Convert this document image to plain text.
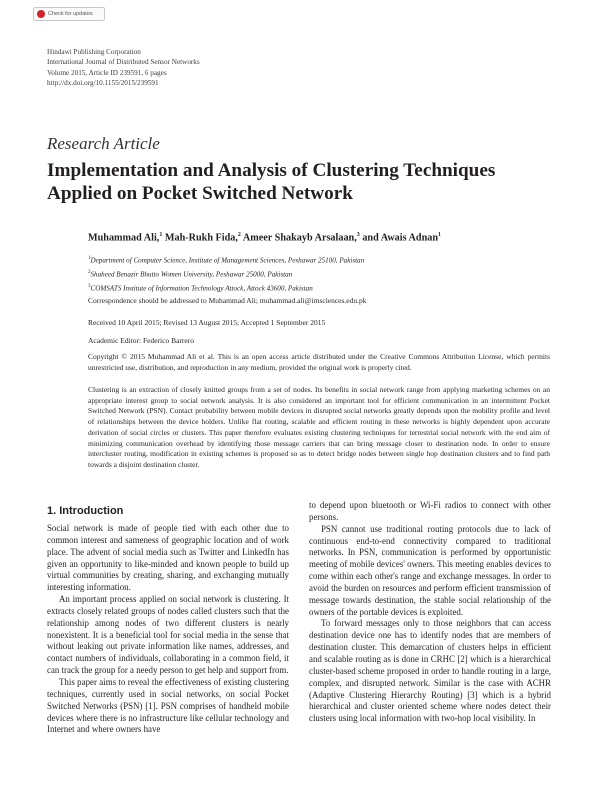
Check for updates
Hindawi Publishing Corporation
International Journal of Distributed Sensor Networks
Volume 2015, Article ID 239591, 6 pages
http://dx.doi.org/10.1155/2015/239591
Research Article
Implementation and Analysis of Clustering Techniques
Applied on Pocket Switched Network
Muhammad Ali,$^1$ Mah-Rukh Fida,$^2$ Ameer Shakayb Arsalaan,$^3$ and Awais Adnan$^1$
$^1$Department of Computer Science, Institute of Management Sciences, Peshawar 25100, Pakistan
$^2$Shaheed Benazir Bhutto Women University, Peshawar 25000, Pakistan
$^3$COMSATS Institute of Information Technology Attock, Attock 43600, Pakistan
Correspondence should be addressed to Muhammad Ali; muhammad.ali@imsciences.edu.pk
Received 10 April 2015; Revised 13 August 2015; Accepted 1 September 2015
Academic Editor: Federico Barrero
Copyright © 2015 Muhammad Ali et al. This is an open access article distributed under the Creative Commons Attribution License, which permits unrestricted use, distribution, and reproduction in any medium, provided the original work is properly cited.
Clustering is an extraction of closely knitted groups from a set of nodes. Its benefits in social network range from applying marketing schemes on an appropriate interest group to social network analysis. It is also considered an important tool for efficient communication in an intermittent Pocket Switched Network (PSN). Contact probability between mobile devices in disrupted social networks greatly depends upon the mobility profile and level of relationships between the device holders. Unlike flat routing, scalable and efficient routing in these networks is highly dependent upon accurate derivation of social circles or clusters. This paper therefore evaluates existing clustering techniques for terrestrial social network with the end aim of minimizing communication overhead by identifying those message carriers that can bring message closer to destination node. In order to ensure intercluster routing, modification in existing schemes is proposed so as to detect bridge nodes between single hop destination clusters and to find path towards a disjoint destination cluster.
1. Introduction

Social network is made of people tied with each other due to common interest and sameness of geographic location and of work place. The advent of social media such as Twitter and LinkedIn has given an opportunity to like-minded and known people to build up virtual communities by creating, sharing, and exchanging mutually interesting information.

An important process applied on social network is clustering. It extracts closely related groups of nodes called clusters such that the relationship among nodes of two different clusters is nearly nonexistent. It is a beneficial tool for social media in the sense that without leaking out private information like names, addresses, and contact numbers of individuals, collaborating in a common field, it can track the group for a needy person to get help and support from.

This paper aims to reveal the effectiveness of existing clustering techniques, currently used in social networks, on social Pocket Switched Networks (PSN) [1]. PSN comprises of handheld mobile devices where there is no infrastructure like cellular technology and Internet and where owners have

to depend upon bluetooth or Wi-Fi radios to connect with other persons.

PSN cannot use traditional routing protocols due to lack of continuous end-to-end connectivity compared to traditional networks. In PSN, communication is performed by opportunistic meeting of mobile devices' owners. This meeting enables devices to come within each other's range and exchange messages. In order to avoid the burden on resources and perform efficient transmission of message towards destination, the stable social relationship of the owners of the portable devices is exploited.

To forward messages only to those neighbors that can access destination device one has to identify nodes that are members of destination cluster. This demarcation of clusters helps in efficient and scalable routing as is done in CRHC [2] which is a hierarchical cluster-based scheme proposed in order to handle routing in a large, complex, and disrupted network. Similar is the case with ACHR (Adaptive Clustering Hierarchy Routing) [3] which is a hybrid hierarchical and cluster oriented scheme where nodes detect their clusters using local information with two-hop local visibility. In
